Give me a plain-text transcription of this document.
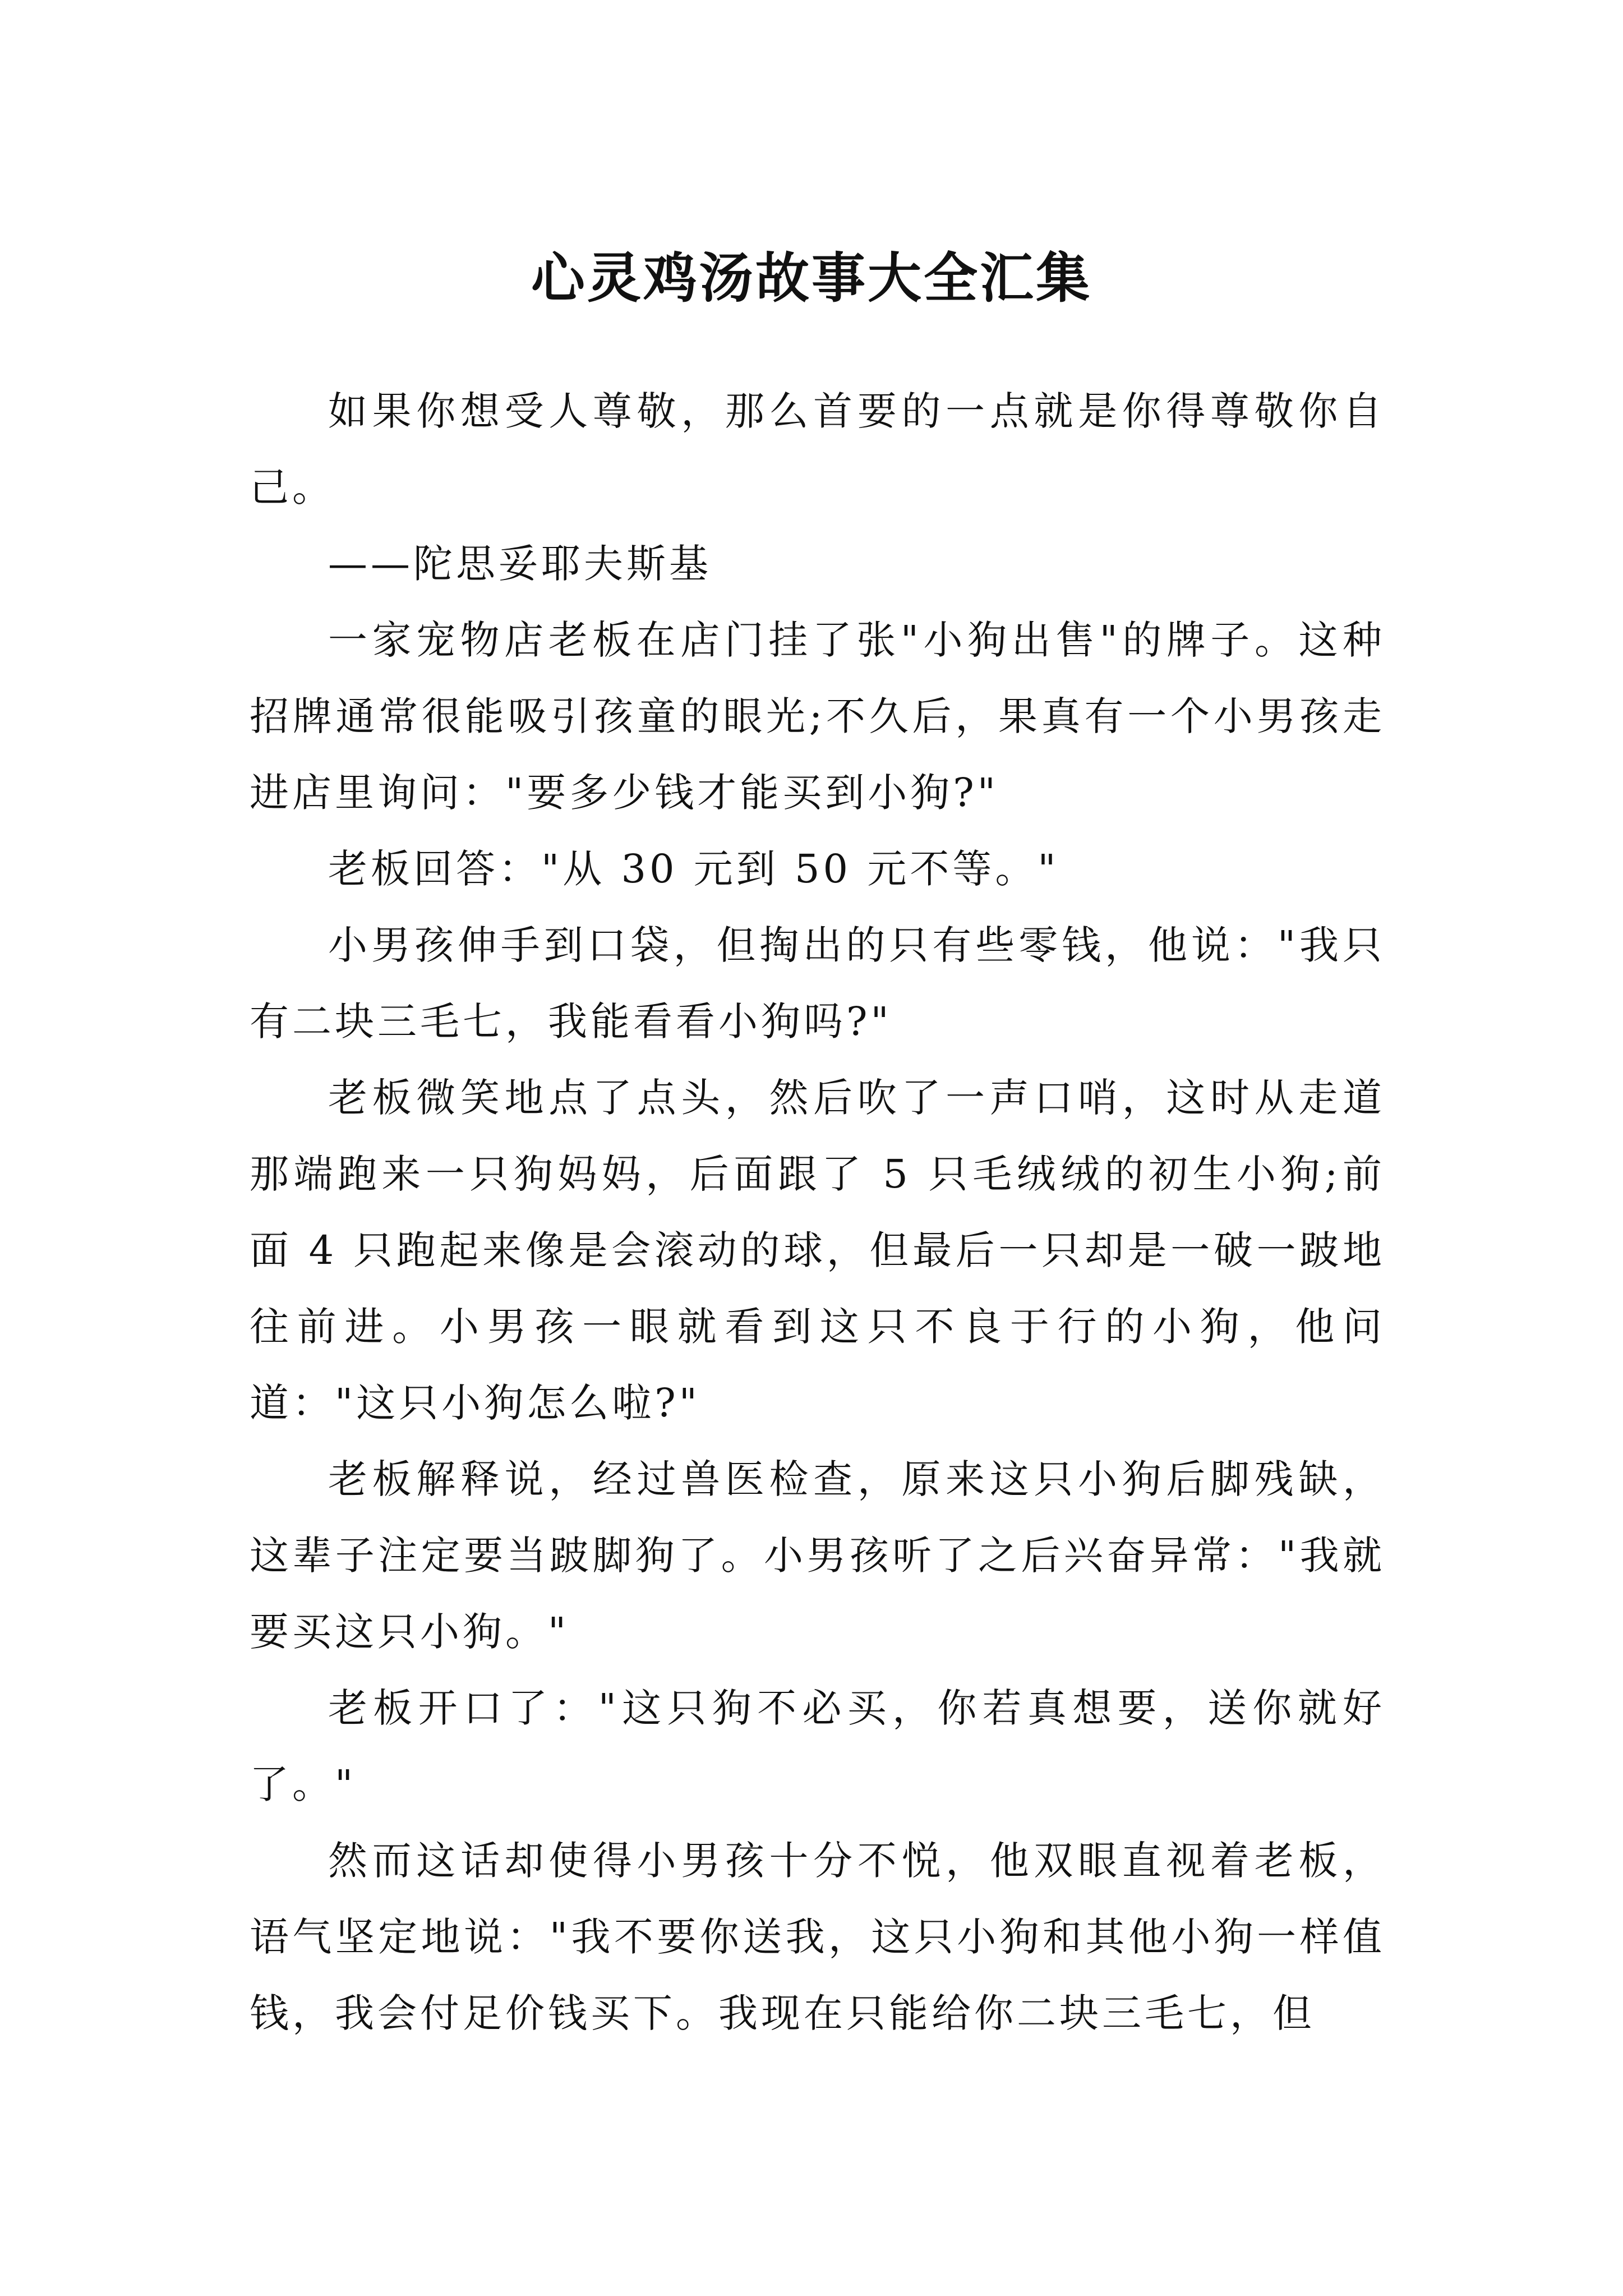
心灵鸡汤故事大全汇集

如果你想受人尊敬，那么首要的一点就是你得尊敬你自己。

——陀思妥耶夫斯基

一家宠物店老板在店门挂了张"小狗出售"的牌子。这种招牌通常很能吸引孩童的眼光;不久后，果真有一个小男孩走进店里询问："要多少钱才能买到小狗?"

老板回答："从 30 元到 50 元不等。"

小男孩伸手到口袋，但掏出的只有些零钱，他说："我只有二块三毛七，我能看看小狗吗?"

老板微笑地点了点头，然后吹了一声口哨，这时从走道那端跑来一只狗妈妈，后面跟了 5 只毛绒绒的初生小狗;前面 4 只跑起来像是会滚动的球，但最后一只却是一破一跛地往前进。小男孩一眼就看到这只不良于行的小狗，他问道："这只小狗怎么啦?"

老板解释说，经过兽医检查，原来这只小狗后脚残缺，这辈子注定要当跛脚狗了。小男孩听了之后兴奋异常："我就要买这只小狗。"

老板开口了："这只狗不必买，你若真想要，送你就好了。"

然而这话却使得小男孩十分不悦，他双眼直视着老板，语气坚定地说："我不要你送我，这只小狗和其他小狗一样值钱，我会付足价钱买下。我现在只能给你二块三毛七，但
